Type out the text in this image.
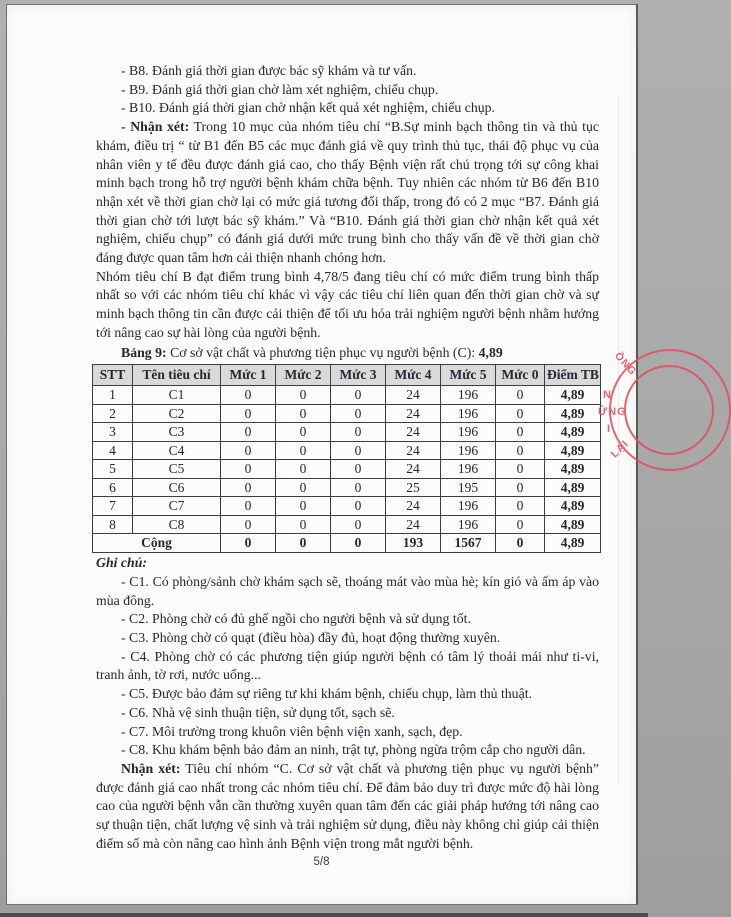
- B8. Đánh giá thời gian được bác sỹ khám và tư vấn.

- B9. Đánh giá thời gian chờ làm xét nghiệm, chiếu chụp.

- B10. Đánh giá thời gian chờ nhận kết quả xét nghiệm, chiếu chụp.

- Nhận xét: Trong 10 mục của nhóm tiêu chí “B.Sự minh bạch thông tin và thủ tục khám, điều trị “ từ B1 đến B5 các mục đánh giá về quy trình thủ tục, thái độ phục vụ của nhân viên y tế đều được đánh giá cao, cho thấy Bệnh viện rất chú trọng tới sự công khai minh bạch trong hỗ trợ người bệnh khám chữa bệnh. Tuy nhiên các nhóm từ B6 đến B10 nhận xét về thời gian chờ lại có mức giá tương đối thấp, trong đó có 2 mục “B7. Đánh giá thời gian chờ tới lượt bác sỹ khám.” Và “B10. Đánh giá thời gian chờ nhận kết quả xét nghiệm, chiếu chụp” có đánh giá dưới mức trung bình cho thấy vấn đề về thời gian chờ đáng được quan tâm hơn cải thiện nhanh chóng hơn.

Nhóm tiêu chí B đạt điểm trung bình 4,78/5 đang tiêu chí có mức điểm trung bình thấp nhất so với các nhóm tiêu chí khác vì vậy các tiêu chí liên quan đến thời gian chờ và sự minh bạch thông tin cần được cải thiện để tối ưu hóa trải nghiệm người bệnh nhằm hướng tới nâng cao sự hài lòng của người bệnh.

Bảng 9: Cơ sở vật chất và phương tiện phục vụ người bệnh (C): 4,89

STT	Tên tiêu chí	Mức 1	Mức 2	Mức 3	Mức 4	Mức 5	Mức 0	Điểm TB
1	C1	0	0	0	24	196	0	4,89
2	C2	0	0	0	24	196	0	4,89
3	C3	0	0	0	24	196	0	4,89
4	C4	0	0	0	24	196	0	4,89
5	C5	0	0	0	24	196	0	4,89
6	C6	0	0	0	25	195	0	4,89
7	C7	0	0	0	24	196	0	4,89
8	C8	0	0	0	24	196	0	4,89
Cộng		0	0	0	193	1567	0	4,89

Ghi chú:

- C1. Có phòng/sảnh chờ khám sạch sẽ, thoáng mát vào mùa hè; kín gió và ấm áp vào mùa đông.

- C2. Phòng chờ có đủ ghế ngồi cho người bệnh và sử dụng tốt.

- C3. Phòng chờ có quạt (điều hòa) đầy đủ, hoạt động thường xuyên.

- C4. Phòng chờ có các phương tiện giúp người bệnh có tâm lý thoải mái như ti-vi, tranh ảnh, tờ rơi, nước uống...

- C5. Được bảo đảm sự riêng tư khi khám bệnh, chiếu chụp, làm thủ thuật.

- C6. Nhà vệ sinh thuận tiện, sử dụng tốt, sạch sẽ.

- C7. Môi trường trong khuôn viên bệnh viện xanh, sạch, đẹp.

- C8. Khu khám bệnh bảo đảm an ninh, trật tự, phòng ngừa trộm cắp cho người dân.

Nhận xét: Tiêu chí nhóm “C. Cơ sở vật chất và phương tiện phục vụ người bệnh” được đánh giá cao nhất trong các nhóm tiêu chí. Để đảm bảo duy trì được mức độ hài lòng cao của người bệnh vẫn cần thường xuyên quan tâm đến các giải pháp hướng tới nâng cao sự thuận tiện, chất lượng vệ sinh và trải nghiệm sử dụng, điều này không chỉ giúp cải thiện điểm số mà còn nâng cao hình ảnh Bệnh viện trong mắt người bệnh.

ỒNG
N
ỬNG
I
LẠI
5/8
